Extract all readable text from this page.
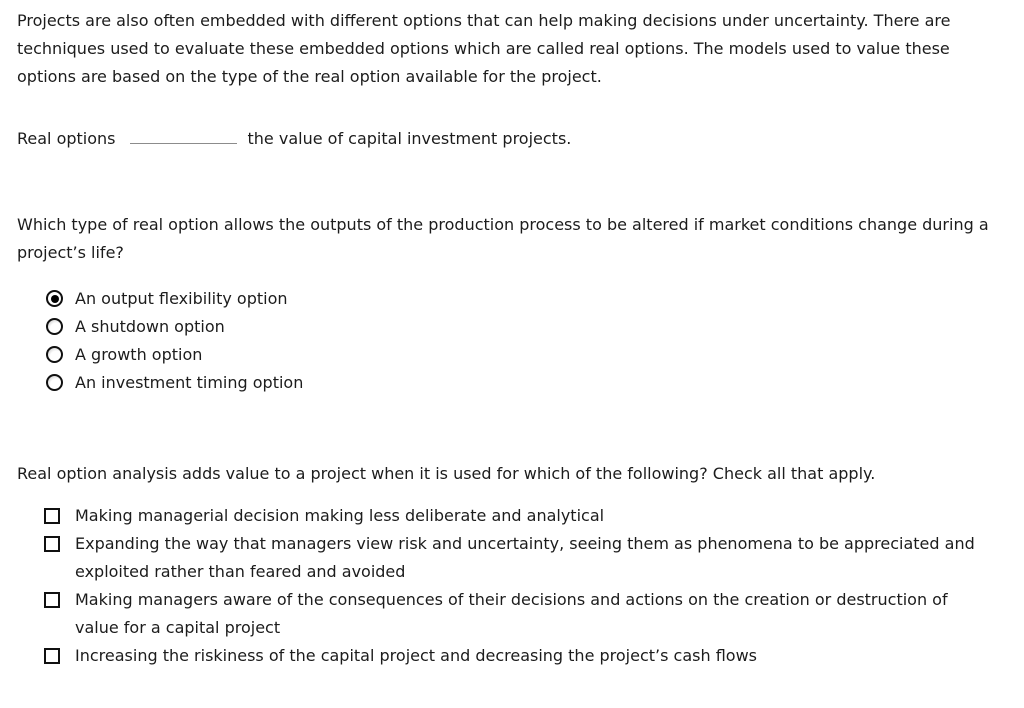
Projects are also often embedded with different options that can help making decisions under uncertainty. There are techniques used to evaluate these embedded options which are called real options. The models used to value these options are based on the type of the real option available for the project.

Real options	the value of capital investment projects.

Which type of real option allows the outputs of the production process to be altered if market conditions change during a project’s life?

An output flexibility option
A shutdown option
A growth option
An investment timing option

Real option analysis adds value to a project when it is used for which of the following? Check all that apply.

Making managerial decision making less deliberate and analytical
Expanding the way that managers view risk and uncertainty, seeing them as phenomena to be appreciated and exploited rather than feared and avoided
Making managers aware of the consequences of their decisions and actions on the creation or destruction of value for a capital project
Increasing the riskiness of the capital project and decreasing the project’s cash flows
